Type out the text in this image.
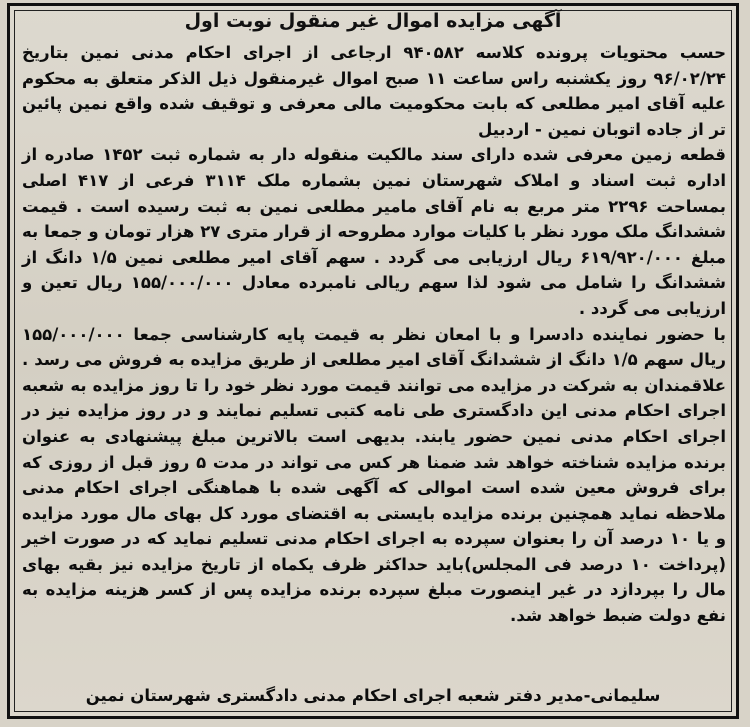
آگهی مزایده اموال غیر منقول نوبت اول

حسب محتویات پرونده کلاسه ۹۴۰۵۸۲ ارجاعی از اجرای احکام مدنی نمین بتاریخ ۹۶/۰۲/۲۴ روز یکشنبه راس ساعت ۱۱ صبح اموال غیرمنقول ذیل الذکر متعلق به محکوم علیه آقای امیر مطلعی که بابت محکومیت مالی معرفی و توقیف شده واقع نمین پائین تر از جاده اتوبان نمین - اردبیل

قطعه زمین معرفی شده دارای سند مالکیت منقوله دار به شماره ثبت ۱۴۵۲ صادره از اداره ثبت اسناد و املاک شهرستان نمین بشماره ملک ۳۱۱۴ فرعی از ۴۱۷ اصلی بمساحت ۲۲۹۶ متر مربع به نام آقای مامیر مطلعی نمین به ثبت رسیده است . قیمت ششدانگ ملک مورد نظر با کلیات موارد مطروحه از قرار متری ۲۷ هزار تومان و جمعا به مبلغ ۶۱۹/۹۲۰/۰۰۰ ریال ارزیابی می گردد . سهم آقای امیر مطلعی نمین ۱/۵ دانگ از ششدانگ را شامل می شود لذا سهم ریالی نامبرده معادل ۱۵۵/۰۰۰/۰۰۰ ریال تعین و ارزیابی می گردد .

با حضور نماینده دادسرا و با امعان نظر به قیمت پایه کارشناسی جمعا ۱۵۵/۰۰۰/۰۰۰ ریال سهم ۱/۵ دانگ از ششدانگ آقای امیر مطلعی از طریق مزایده به فروش می رسد . علاقمندان به شرکت در مزایده می توانند قیمت مورد نظر خود را تا روز مزایده به شعبه اجرای احکام مدنی این دادگستری طی نامه کتبی تسلیم نمایند و در روز مزایده نیز در اجرای احکام مدنی نمین حضور یابند. بدیهی است بالاترین مبلغ پیشنهادی به عنوان برنده مزایده شناخته خواهد شد ضمنا هر کس می تواند در مدت ۵ روز قبل از روزی که برای فروش معین شده است اموالی که آگهی شده با هماهنگی اجرای احکام مدنی ملاحظه نماید همچنین برنده مزایده بایستی به اقتضای مورد کل بهای مال مورد مزایده و یا ۱۰ درصد آن را بعنوان سپرده به اجرای احکام مدنی تسلیم نماید که در صورت اخیر (پرداخت ۱۰ درصد فی المجلس)باید حداکثر ظرف یکماه از تاریخ مزایده نیز بقیه بهای مال را بپردازد در غیر اینصورت مبلغ سپرده برنده مزایده پس از کسر هزینه مزایده به نفع دولت ضبط خواهد شد.

سلیمانی-مدیر دفتر شعبه اجرای احکام مدنی دادگستری شهرستان نمین
